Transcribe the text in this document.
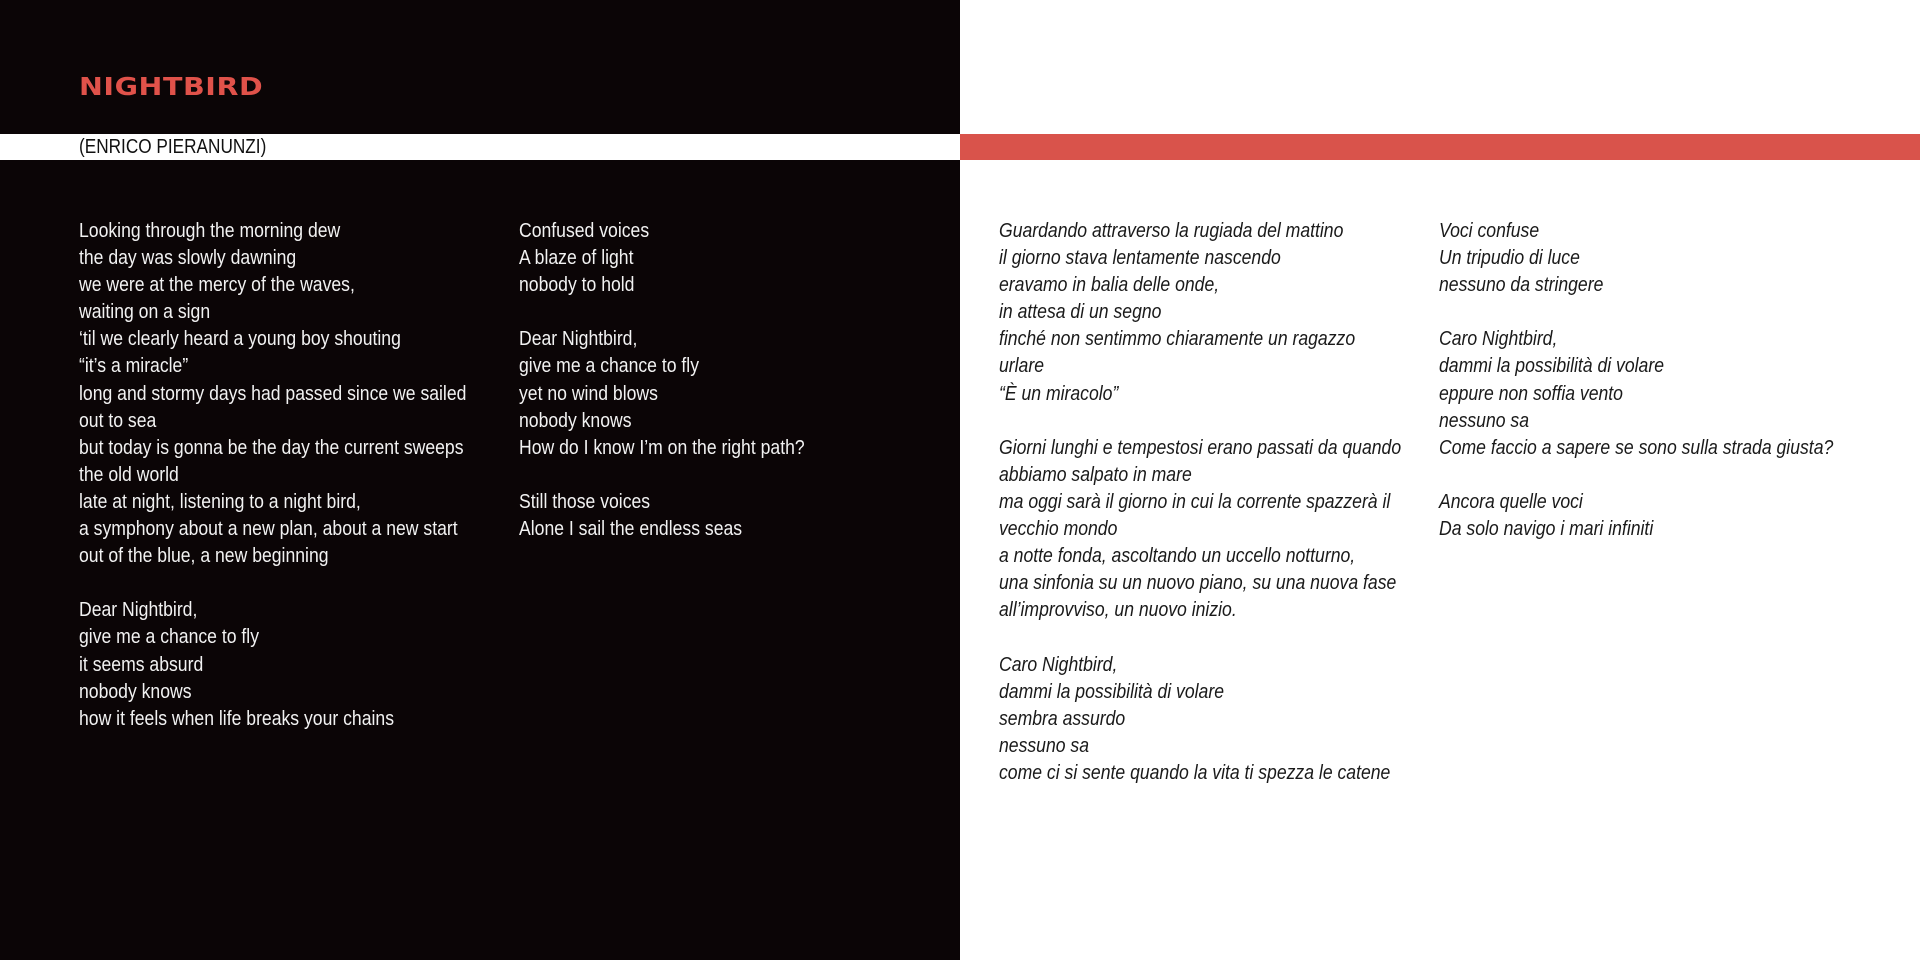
NIGHTBIRD
(ENRICO PIERANUNZI)
Looking through the morning dew
the day was slowly dawning
we were at the mercy of the waves,
waiting on a sign
‘til we clearly heard a young boy shouting
“it’s a miracle”
long and stormy days had passed since we sailed
out to sea
but today is gonna be the day the current sweeps
the old world
late at night, listening to a night bird,
a symphony about a new plan, about a new start
out of the blue, a new beginning
Dear Nightbird,
give me a chance to fly
it seems absurd
nobody knows
how it feels when life breaks your chains
Confused voices
A blaze of light
nobody to hold
Dear Nightbird,
give me a chance to fly
yet no wind blows
nobody knows
How do I know I’m on the right path?
Still those voices
Alone I sail the endless seas
Guardando attraverso la rugiada del mattino
il giorno stava lentamente nascendo
eravamo in balia delle onde,
in attesa di un segno
finché non sentimmo chiaramente un ragazzo
urlare
“È un miracolo”
Giorni lunghi e tempestosi erano passati da quando
abbiamo salpato in mare
ma oggi sarà il giorno in cui la corrente spazzerà il
vecchio mondo
a notte fonda, ascoltando un uccello notturno,
una sinfonia su un nuovo piano, su una nuova fase
all’improvviso, un nuovo inizio.
Caro Nightbird,
dammi la possibilità di volare
sembra assurdo
nessuno sa
come ci si sente quando la vita ti spezza le catene
Voci confuse
Un tripudio di luce
nessuno da stringere
Caro Nightbird,
dammi la possibilità di volare
eppure non soffia vento
nessuno sa
Come faccio a sapere se sono sulla strada giusta?
Ancora quelle voci
Da solo navigo i mari infiniti
